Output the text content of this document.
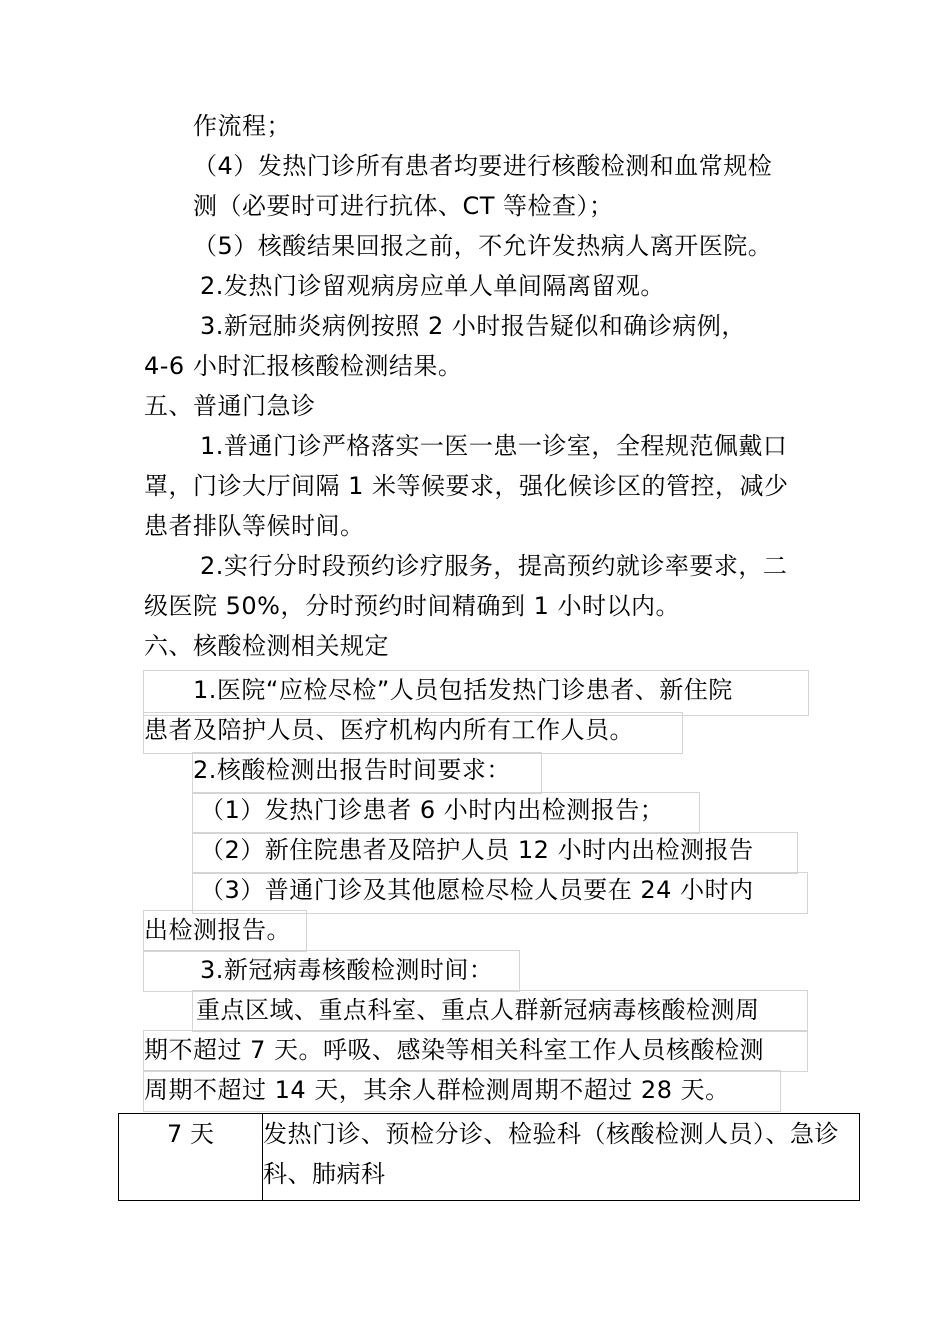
作流程；
（4）发热门诊所有患者均要进行核酸检测和血常规检
测（必要时可进行抗体、CT 等检查）；
（5）核酸结果回报之前，不允许发热病人离开医院。
2.发热门诊留观病房应单人单间隔离留观。
3.新冠肺炎病例按照 2 小时报告疑似和确诊病例，
4-6 小时汇报核酸检测结果。
五、普通门急诊
1.普通门诊严格落实一医一患一诊室，全程规范佩戴口
罩，门诊大厅间隔 1 米等候要求，强化候诊区的管控，减少
患者排队等候时间。
2.实行分时段预约诊疗服务，提高预约就诊率要求，二
级医院 50%，分时预约时间精确到 1 小时以内。
六、核酸检测相关规定
1.医院“应检尽检”人员包括发热门诊患者、新住院
患者及陪护人员、医疗机构内所有工作人员。
2.核酸检测出报告时间要求：
（1）发热门诊患者 6 小时内出检测报告；
（2）新住院患者及陪护人员 12 小时内出检测报告
（3）普通门诊及其他愿检尽检人员要在 24 小时内
出检测报告。
3.新冠病毒核酸检测时间：
重点区域、重点科室、重点人群新冠病毒核酸检测周
期不超过 7 天。呼吸、感染等相关科室工作人员核酸检测
周期不超过 14 天，其余人群检测周期不超过 28 天。
7 天	发热门诊、预检分诊、检验科（核酸检测人员）、急诊科、肺病科
